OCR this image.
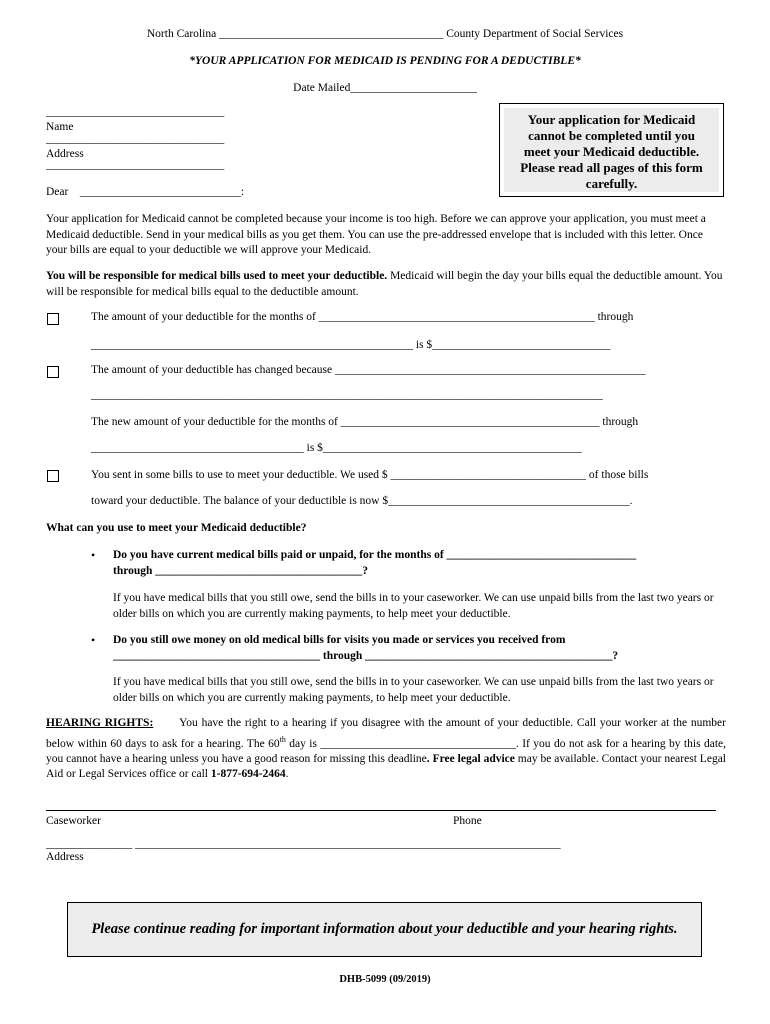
North Carolina _______________________________________ County Department of Social Services
*YOUR APPLICATION FOR MEDICAID IS PENDING FOR A DEDUCTIBLE*
Date Mailed______________________
_______________________________
Name
_______________________________
Address
_______________________________
Dear ____________________________:
Your application for Medicaid cannot be completed until you meet your Medicaid deductible. Please read all pages of this form carefully.
Your application for Medicaid cannot be completed because your income is too high. Before we can approve your application, you must meet a Medicaid deductible. Send in your medical bills as you get them. You can use the pre-addressed envelope that is included with this letter. Once your bills are equal to your deductible we will approve your Medicaid.
You will be responsible for medical bills used to meet your deductible. Medicaid will begin the day your bills equal the deductible amount. You will be responsible for medical bills equal to the deductible amount.
The amount of your deductible for the months of ________________________________________________ through
________________________________________________________ is $_______________________________
The amount of your deductible has changed because ______________________________________________________
_________________________________________________________________________________________
The new amount of your deductible for the months of _____________________________________________ through
_____________________________________ is $_____________________________________________
You sent in some bills to use to meet your deductible. We used $ __________________________________ of those bills
toward your deductible. The balance of your deductible is now $__________________________________________.
What can you use to meet your Medicaid deductible?
• Do you have current medical bills paid or unpaid, for the months of _________________________________
through ____________________________________?
If you have medical bills that you still owe, send the bills in to your caseworker. We can use unpaid bills from the last two years or older bills on which you are currently making payments, to help meet your deductible.
• Do you still owe money on old medical bills for visits you made or services you received from
____________________________________ through ___________________________________________?
If you have medical bills that you still owe, send the bills in to your caseworker. We can use unpaid bills from the last two years or older bills on which you are currently making payments, to help meet your deductible.
HEARING RIGHTS: You have the right to a hearing if you disagree with the amount of your deductible. Call your worker at the number below within 60 days to ask for a hearing. The 60th day is __________________________________. If you do not ask for a hearing by this date, you cannot have a hearing unless you have a good reason for missing this deadline. Free legal advice may be available. Contact your nearest Legal Aid or Legal Services office or call 1-877-694-2464.
Caseworker	Phone
_______________ __________________________________________________________________________
Address
Please continue reading for important information about your deductible and your hearing rights.
DHB-5099 (09/2019)
